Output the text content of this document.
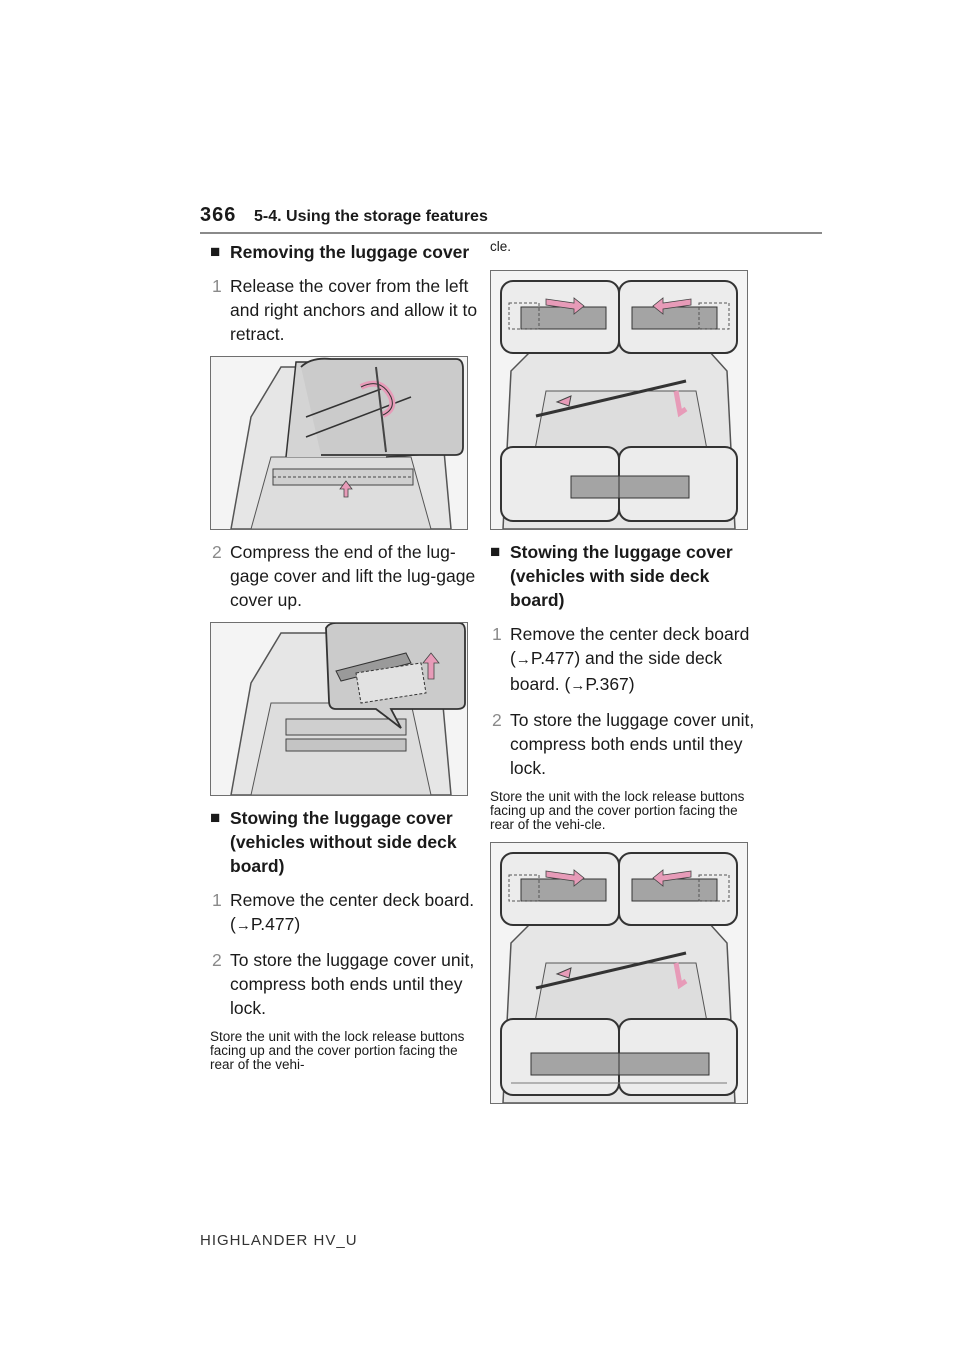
366 5-4. Using the storage features
■ Removing the luggage cover
1 Release the cover from the left and right anchors and allow it to retract.
2 Compress the end of the lug-gage cover and lift the lug-gage cover up.
■ Stowing the luggage cover (vehicles without side deck board)
1 Remove the center deck board. (→P.477)
2 To store the luggage cover unit, compress both ends until they lock.
Store the unit with the lock release buttons facing up and the cover portion facing the rear of the vehi-
cle.
■ Stowing the luggage cover (vehicles with side deck board)
1 Remove the center deck board (→P.477) and the side deck board. (→P.367)
2 To store the luggage cover unit, compress both ends until they lock.
Store the unit with the lock release buttons facing up and the cover portion facing the rear of the vehi-cle.
HIGHLANDER HV_U
